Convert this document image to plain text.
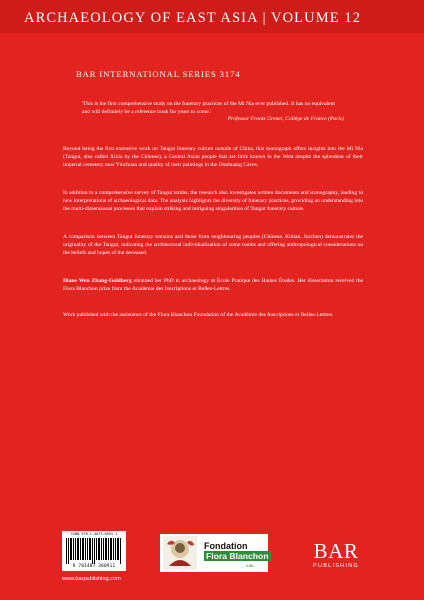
ARCHAEOLOGY OF EAST ASIA | VOLUME 12
BAR INTERNATIONAL SERIES 3174
'This is the first comprehensive study on the funerary practices of the Mi Nia ever published. It has no equivalent and will definitely be a reference book for years to come.'
Professor Frantz Grenet, Collège de France (Paris)

Beyond being the first extensive work on Tangut funerary culture outside of China, this monograph offers insights into the Mi Nia (Tangut, also called Xixia by the Chinese), a Central Asian people that are little known in the West despite the splendour of their imperial cemetery near Yinchuan and quality of their paintings in the Dunhuang Caves.

In addition to a comprehensive survey of Tangut tombs, the research also investigates written documents and iconography, leading to new interpretations of archaeological data. The analysis highlights the diversity of funerary practices, providing an understanding into the multi-dimensional processes that explain striking and intriguing singularities of Tangut funerary culture.

A comparison between Tangut funerary remains and those from neighbouring peoples (Chinese, Khitan, Jurchen) demonstrates the originality of the Tangut, indicating the architectural individualisation of some tombs and offering anthropological considerations on the beliefs and hopes of the deceased.

Diane Wen Zhang-Goldberg obtained her PhD in archaeology at École Pratique des Hautes Études. Her dissertation received the Flora Blanchon prize from the Académie des Inscriptions et Belles-Lettres.

Work published with the assistance of the Flora Blanchon Foundation of the Académie des Inscriptions et Belles-Lettres.

ISBN 978-1-4073-6091-1
9 781407 360911
www.barpublishing.com
Fondation
Flora Blanchon
AIBL
BAR
PUBLISHING
